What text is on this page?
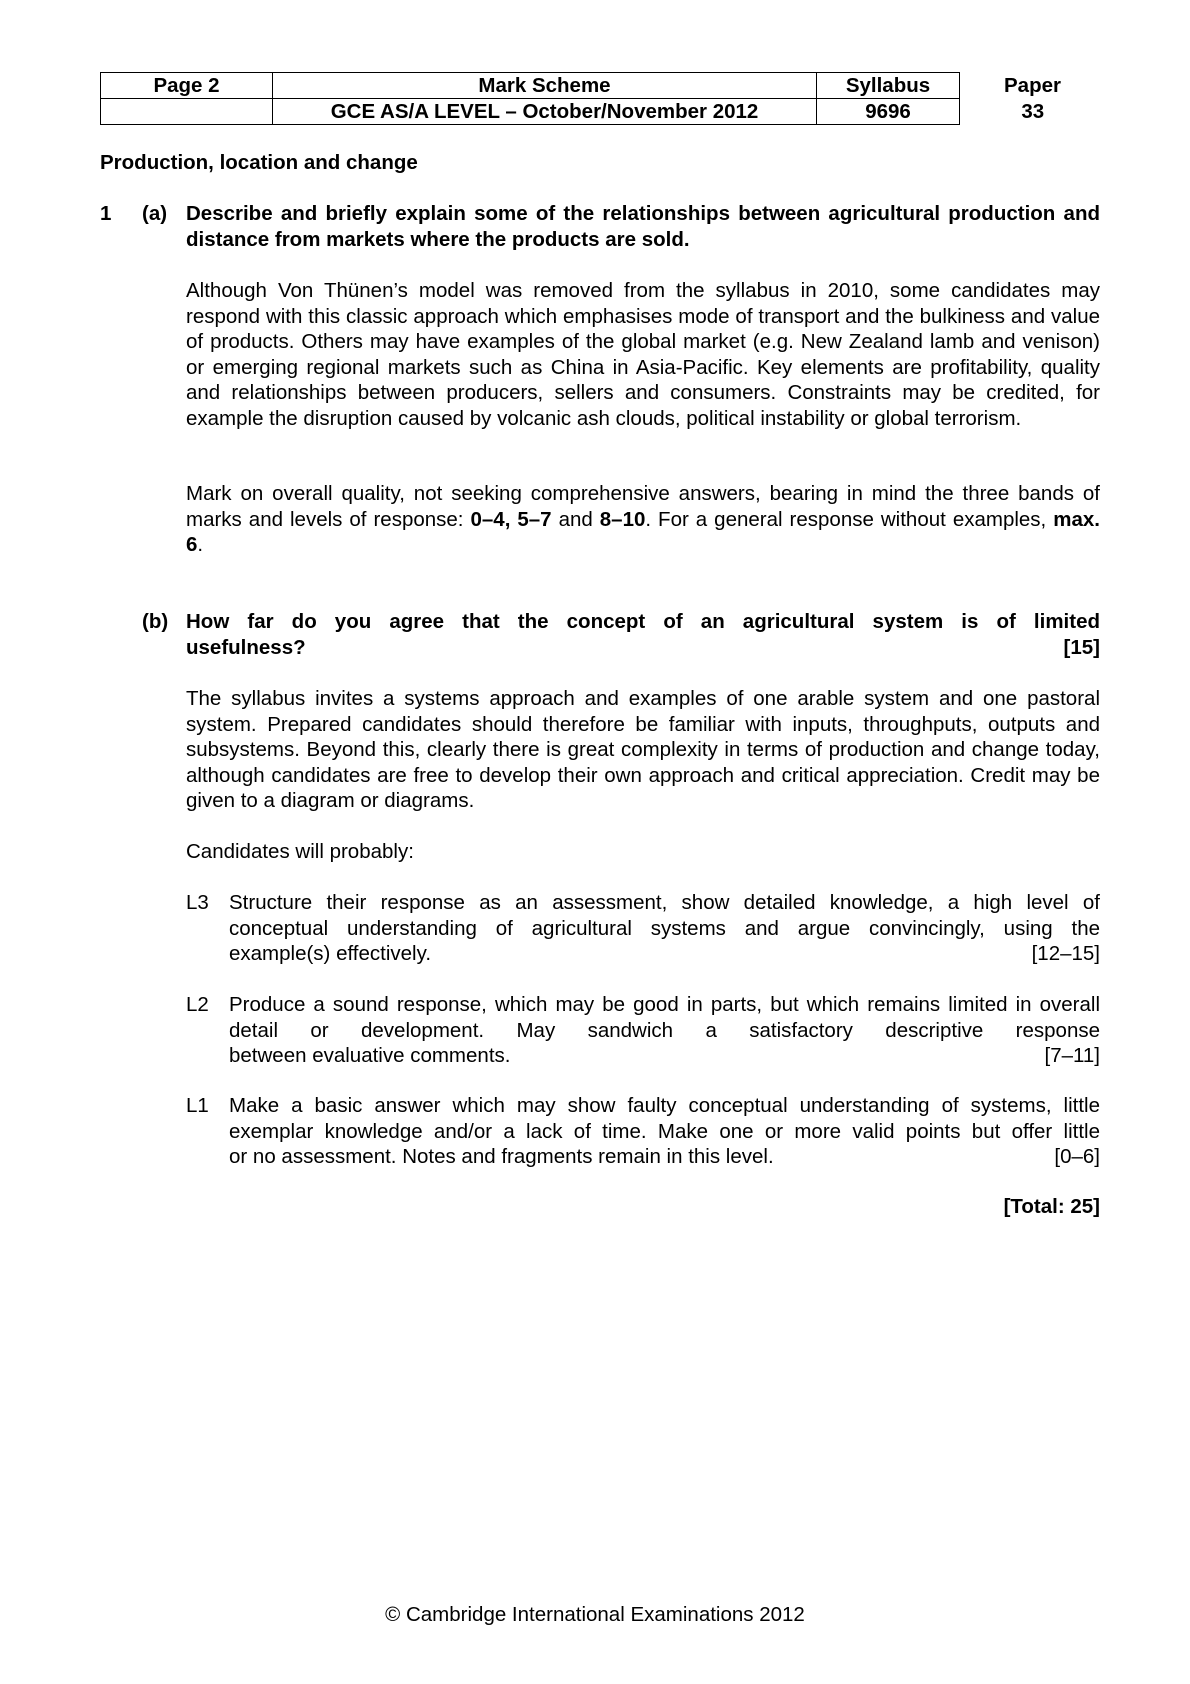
Page 2	Mark Scheme	Syllabus	Paper
	GCE AS/A LEVEL – October/November 2012	9696	33
Production, location and change
1 (a) Describe and briefly explain some of the relationships between agricultural production and distance from markets where the products are sold.
Although Von Thünen’s model was removed from the syllabus in 2010, some candidates may respond with this classic approach which emphasises mode of transport and the bulkiness and value of products. Others may have examples of the global market (e.g. New Zealand lamb and venison) or emerging regional markets such as China in Asia-Pacific. Key elements are profitability, quality and relationships between producers, sellers and consumers. Constraints may be credited, for example the disruption caused by volcanic ash clouds, political instability or global terrorism.
Mark on overall quality, not seeking comprehensive answers, bearing in mind the three bands of marks and levels of response: 0–4, 5–7 and 8–10. For a general response without examples, max. 6.
(b) How far do you agree that the concept of an agricultural system is of limited
usefulness?	[15]
The syllabus invites a systems approach and examples of one arable system and one pastoral system. Prepared candidates should therefore be familiar with inputs, throughputs, outputs and subsystems. Beyond this, clearly there is great complexity in terms of production and change today, although candidates are free to develop their own approach and critical appreciation. Credit may be given to a diagram or diagrams.
Candidates will probably:
L3 Structure their response as an assessment, show detailed knowledge, a high level of conceptual understanding of agricultural systems and argue convincingly, using the
example(s) effectively.	[12–15]
L2 Produce a sound response, which may be good in parts, but which remains limited in overall detail or development. May sandwich a satisfactory descriptive response
between evaluative comments.	[7–11]
L1 Make a basic answer which may show faulty conceptual understanding of systems, little exemplar knowledge and/or a lack of time. Make one or more valid points but offer little
or no assessment. Notes and fragments remain in this level.	[0–6]
[Total: 25]
© Cambridge International Examinations 2012
